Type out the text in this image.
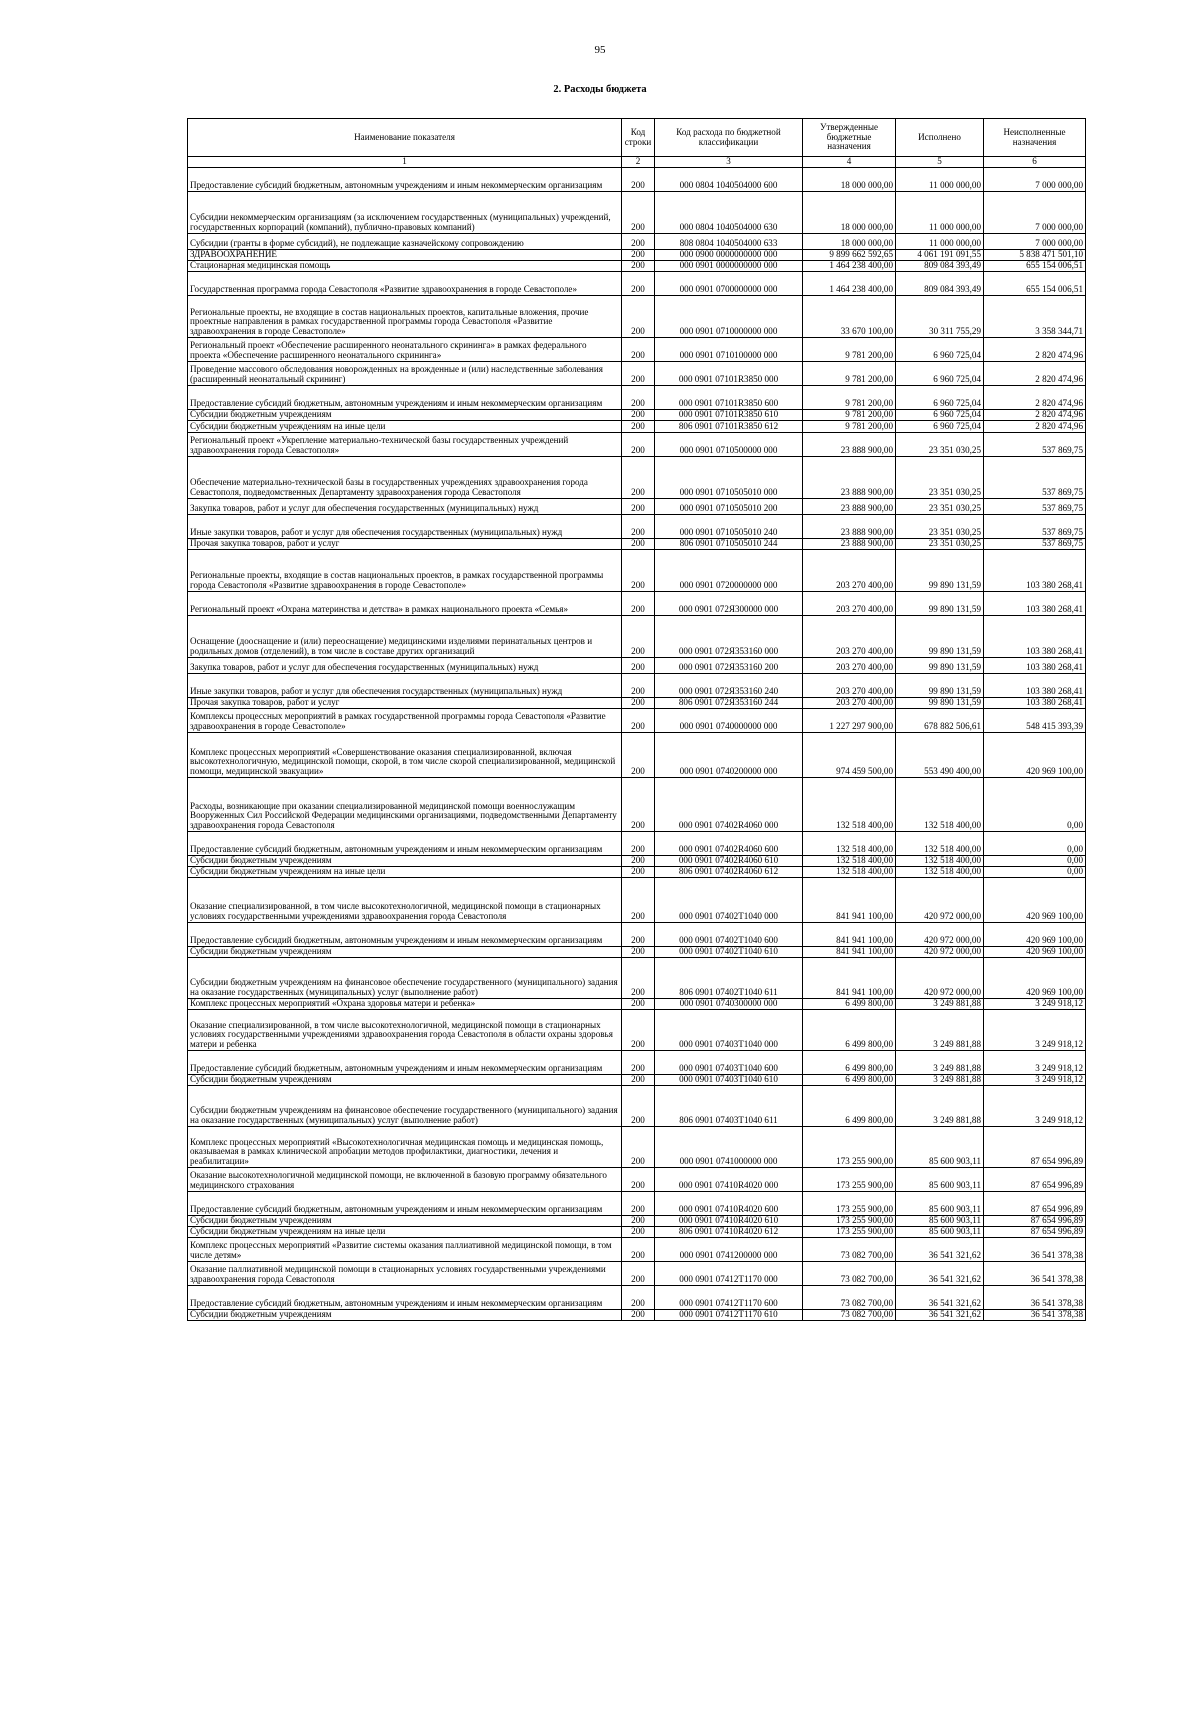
95
2. Расходы бюджета
Наименование показателя	Код строки	Код расхода по бюджетной классификации	Утвержденные бюджетные назначения	Исполнено	Неисполненные назначения
1	2	3	4	5	6
Предоставление субсидий бюджетным, автономным учреждениям и иным некоммерческим организациям	200	000 0804 1040504000 600	18 000 000,00	11 000 000,00	7 000 000,00
Субсидии некоммерческим организациям (за исключением государственных (муниципальных) учреждений, государственных корпораций (компаний), публично-правовых компаний)	200	000 0804 1040504000 630	18 000 000,00	11 000 000,00	7 000 000,00
Субсидии (гранты в форме субсидий), не подлежащие казначейскому сопровождению	200	808 0804 1040504000 633	18 000 000,00	11 000 000,00	7 000 000,00
ЗДРАВООХРАНЕНИЕ	200	000 0900 0000000000 000	9 899 662 592,65	4 061 191 091,55	5 838 471 501,10
Стационарная медицинская помощь	200	000 0901 0000000000 000	1 464 238 400,00	809 084 393,49	655 154 006,51
Государственная программа города Севастополя «Развитие здравоохранения в городе Севастополе»	200	000 0901 0700000000 000	1 464 238 400,00	809 084 393,49	655 154 006,51
Региональные проекты, не входящие в состав национальных проектов, капитальные вложения, прочие проектные направления в рамках государственной программы города Севастополя «Развитие здравоохранения в городе Севастополе»	200	000 0901 0710000000 000	33 670 100,00	30 311 755,29	3 358 344,71
Региональный проект «Обеспечение расширенного неонатального скрининга» в рамках федерального проекта «Обеспечение расширенного неонатального скрининга»	200	000 0901 0710100000 000	9 781 200,00	6 960 725,04	2 820 474,96
Проведение массового обследования новорожденных на врожденные и (или) наследственные заболевания (расширенный неонатальный скрининг)	200	000 0901 07101R3850 000	9 781 200,00	6 960 725,04	2 820 474,96
Предоставление субсидий бюджетным, автономным учреждениям и иным некоммерческим организациям	200	000 0901 07101R3850 600	9 781 200,00	6 960 725,04	2 820 474,96
Субсидии бюджетным учреждениям	200	000 0901 07101R3850 610	9 781 200,00	6 960 725,04	2 820 474,96
Субсидии бюджетным учреждениям на иные цели	200	806 0901 07101R3850 612	9 781 200,00	6 960 725,04	2 820 474,96
Региональный проект «Укрепление материально-технической базы государственных учреждений здравоохранения города Севастополя»	200	000 0901 0710500000 000	23 888 900,00	23 351 030,25	537 869,75
Обеспечение материально-технической базы в государственных учреждениях здравоохранения города Севастополя, подведомственных Департаменту здравоохранения города Севастополя	200	000 0901 0710505010 000	23 888 900,00	23 351 030,25	537 869,75
Закупка товаров, работ и услуг для обеспечения государственных (муниципальных) нужд	200	000 0901 0710505010 200	23 888 900,00	23 351 030,25	537 869,75
Иные закупки товаров, работ и услуг для обеспечения государственных (муниципальных) нужд	200	000 0901 0710505010 240	23 888 900,00	23 351 030,25	537 869,75
Прочая закупка товаров, работ и услуг	200	806 0901 0710505010 244	23 888 900,00	23 351 030,25	537 869,75
Региональные проекты, входящие в состав национальных проектов, в рамках государственной программы города Севастополя «Развитие здравоохранения в городе Севастополе»	200	000 0901 0720000000 000	203 270 400,00	99 890 131,59	103 380 268,41
Региональный проект «Охрана материнства и детства» в рамках национального проекта «Семья»	200	000 0901 072Я300000 000	203 270 400,00	99 890 131,59	103 380 268,41
Оснащение (дооснащение и (или) переоснащение) медицинскими изделиями перинатальных центров и родильных домов (отделений), в том числе в составе других организаций	200	000 0901 072Я353160 000	203 270 400,00	99 890 131,59	103 380 268,41
Закупка товаров, работ и услуг для обеспечения государственных (муниципальных) нужд	200	000 0901 072Я353160 200	203 270 400,00	99 890 131,59	103 380 268,41
Иные закупки товаров, работ и услуг для обеспечения государственных (муниципальных) нужд	200	000 0901 072Я353160 240	203 270 400,00	99 890 131,59	103 380 268,41
Прочая закупка товаров, работ и услуг	200	806 0901 072Я353160 244	203 270 400,00	99 890 131,59	103 380 268,41
Комплексы процессных мероприятий в рамках государственной программы города Севастополя «Развитие здравоохранения в городе Севастополе»	200	000 0901 0740000000 000	1 227 297 900,00	678 882 506,61	548 415 393,39
Комплекс процессных мероприятий «Совершенствование оказания специализированной, включая высокотехнологичную, медицинской помощи, скорой, в том числе скорой специализированной, медицинской помощи, медицинской эвакуации»	200	000 0901 0740200000 000	974 459 500,00	553 490 400,00	420 969 100,00
Расходы, возникающие при оказании специализированной медицинской помощи военнослужащим Вооруженных Сил Российской Федерации медицинскими организациями, подведомственными Департаменту здравоохранения города Севастополя	200	000 0901 07402R4060 000	132 518 400,00	132 518 400,00	0,00
Предоставление субсидий бюджетным, автономным учреждениям и иным некоммерческим организациям	200	000 0901 07402R4060 600	132 518 400,00	132 518 400,00	0,00
Субсидии бюджетным учреждениям	200	000 0901 07402R4060 610	132 518 400,00	132 518 400,00	0,00
Субсидии бюджетным учреждениям на иные цели	200	806 0901 07402R4060 612	132 518 400,00	132 518 400,00	0,00
Оказание специализированной, в том числе высокотехнологичной, медицинской помощи в стационарных условиях государственными учреждениями здравоохранения города Севастополя	200	000 0901 07402Т1040 000	841 941 100,00	420 972 000,00	420 969 100,00
Предоставление субсидий бюджетным, автономным учреждениям и иным некоммерческим организациям	200	000 0901 07402Т1040 600	841 941 100,00	420 972 000,00	420 969 100,00
Субсидии бюджетным учреждениям	200	000 0901 07402Т1040 610	841 941 100,00	420 972 000,00	420 969 100,00
Субсидии бюджетным учреждениям на финансовое обеспечение государственного (муниципального) задания на оказание государственных (муниципальных) услуг (выполнение работ)	200	806 0901 07402Т1040 611	841 941 100,00	420 972 000,00	420 969 100,00
Комплекс процессных мероприятий «Охрана здоровья матери и ребенка»	200	000 0901 0740300000 000	6 499 800,00	3 249 881,88	3 249 918,12
Оказание специализированной, в том числе высокотехнологичной, медицинской помощи в стационарных условиях государственными учреждениями здравоохранения города Севастополя в области охраны здоровья матери и ребенка	200	000 0901 07403Т1040 000	6 499 800,00	3 249 881,88	3 249 918,12
Предоставление субсидий бюджетным, автономным учреждениям и иным некоммерческим организациям	200	000 0901 07403Т1040 600	6 499 800,00	3 249 881,88	3 249 918,12
Субсидии бюджетным учреждениям	200	000 0901 07403Т1040 610	6 499 800,00	3 249 881,88	3 249 918,12
Субсидии бюджетным учреждениям на финансовое обеспечение государственного (муниципального) задания на оказание государственных (муниципальных) услуг (выполнение работ)	200	806 0901 07403Т1040 611	6 499 800,00	3 249 881,88	3 249 918,12
Комплекс процессных мероприятий «Высокотехнологичная медицинская помощь и медицинская помощь, оказываемая в рамках клинической апробации методов профилактики, диагностики, лечения и реабилитации»	200	000 0901 0741000000 000	173 255 900,00	85 600 903,11	87 654 996,89
Оказание высокотехнологичной медицинской помощи, не включенной в базовую программу обязательного медицинского страхования	200	000 0901 07410R4020 000	173 255 900,00	85 600 903,11	87 654 996,89
Предоставление субсидий бюджетным, автономным учреждениям и иным некоммерческим организациям	200	000 0901 07410R4020 600	173 255 900,00	85 600 903,11	87 654 996,89
Субсидии бюджетным учреждениям	200	000 0901 07410R4020 610	173 255 900,00	85 600 903,11	87 654 996,89
Субсидии бюджетным учреждениям на иные цели	200	806 0901 07410R4020 612	173 255 900,00	85 600 903,11	87 654 996,89
Комплекс процессных мероприятий «Развитие системы оказания паллиативной медицинской помощи, в том числе детям»	200	000 0901 0741200000 000	73 082 700,00	36 541 321,62	36 541 378,38
Оказание паллиативной медицинской помощи в стационарных условиях государственными учреждениями здравоохранения города Севастополя	200	000 0901 07412Т1170 000	73 082 700,00	36 541 321,62	36 541 378,38
Предоставление субсидий бюджетным, автономным учреждениям и иным некоммерческим организациям	200	000 0901 07412Т1170 600	73 082 700,00	36 541 321,62	36 541 378,38
Субсидии бюджетным учреждениям	200	000 0901 07412Т1170 610	73 082 700,00	36 541 321,62	36 541 378,38
